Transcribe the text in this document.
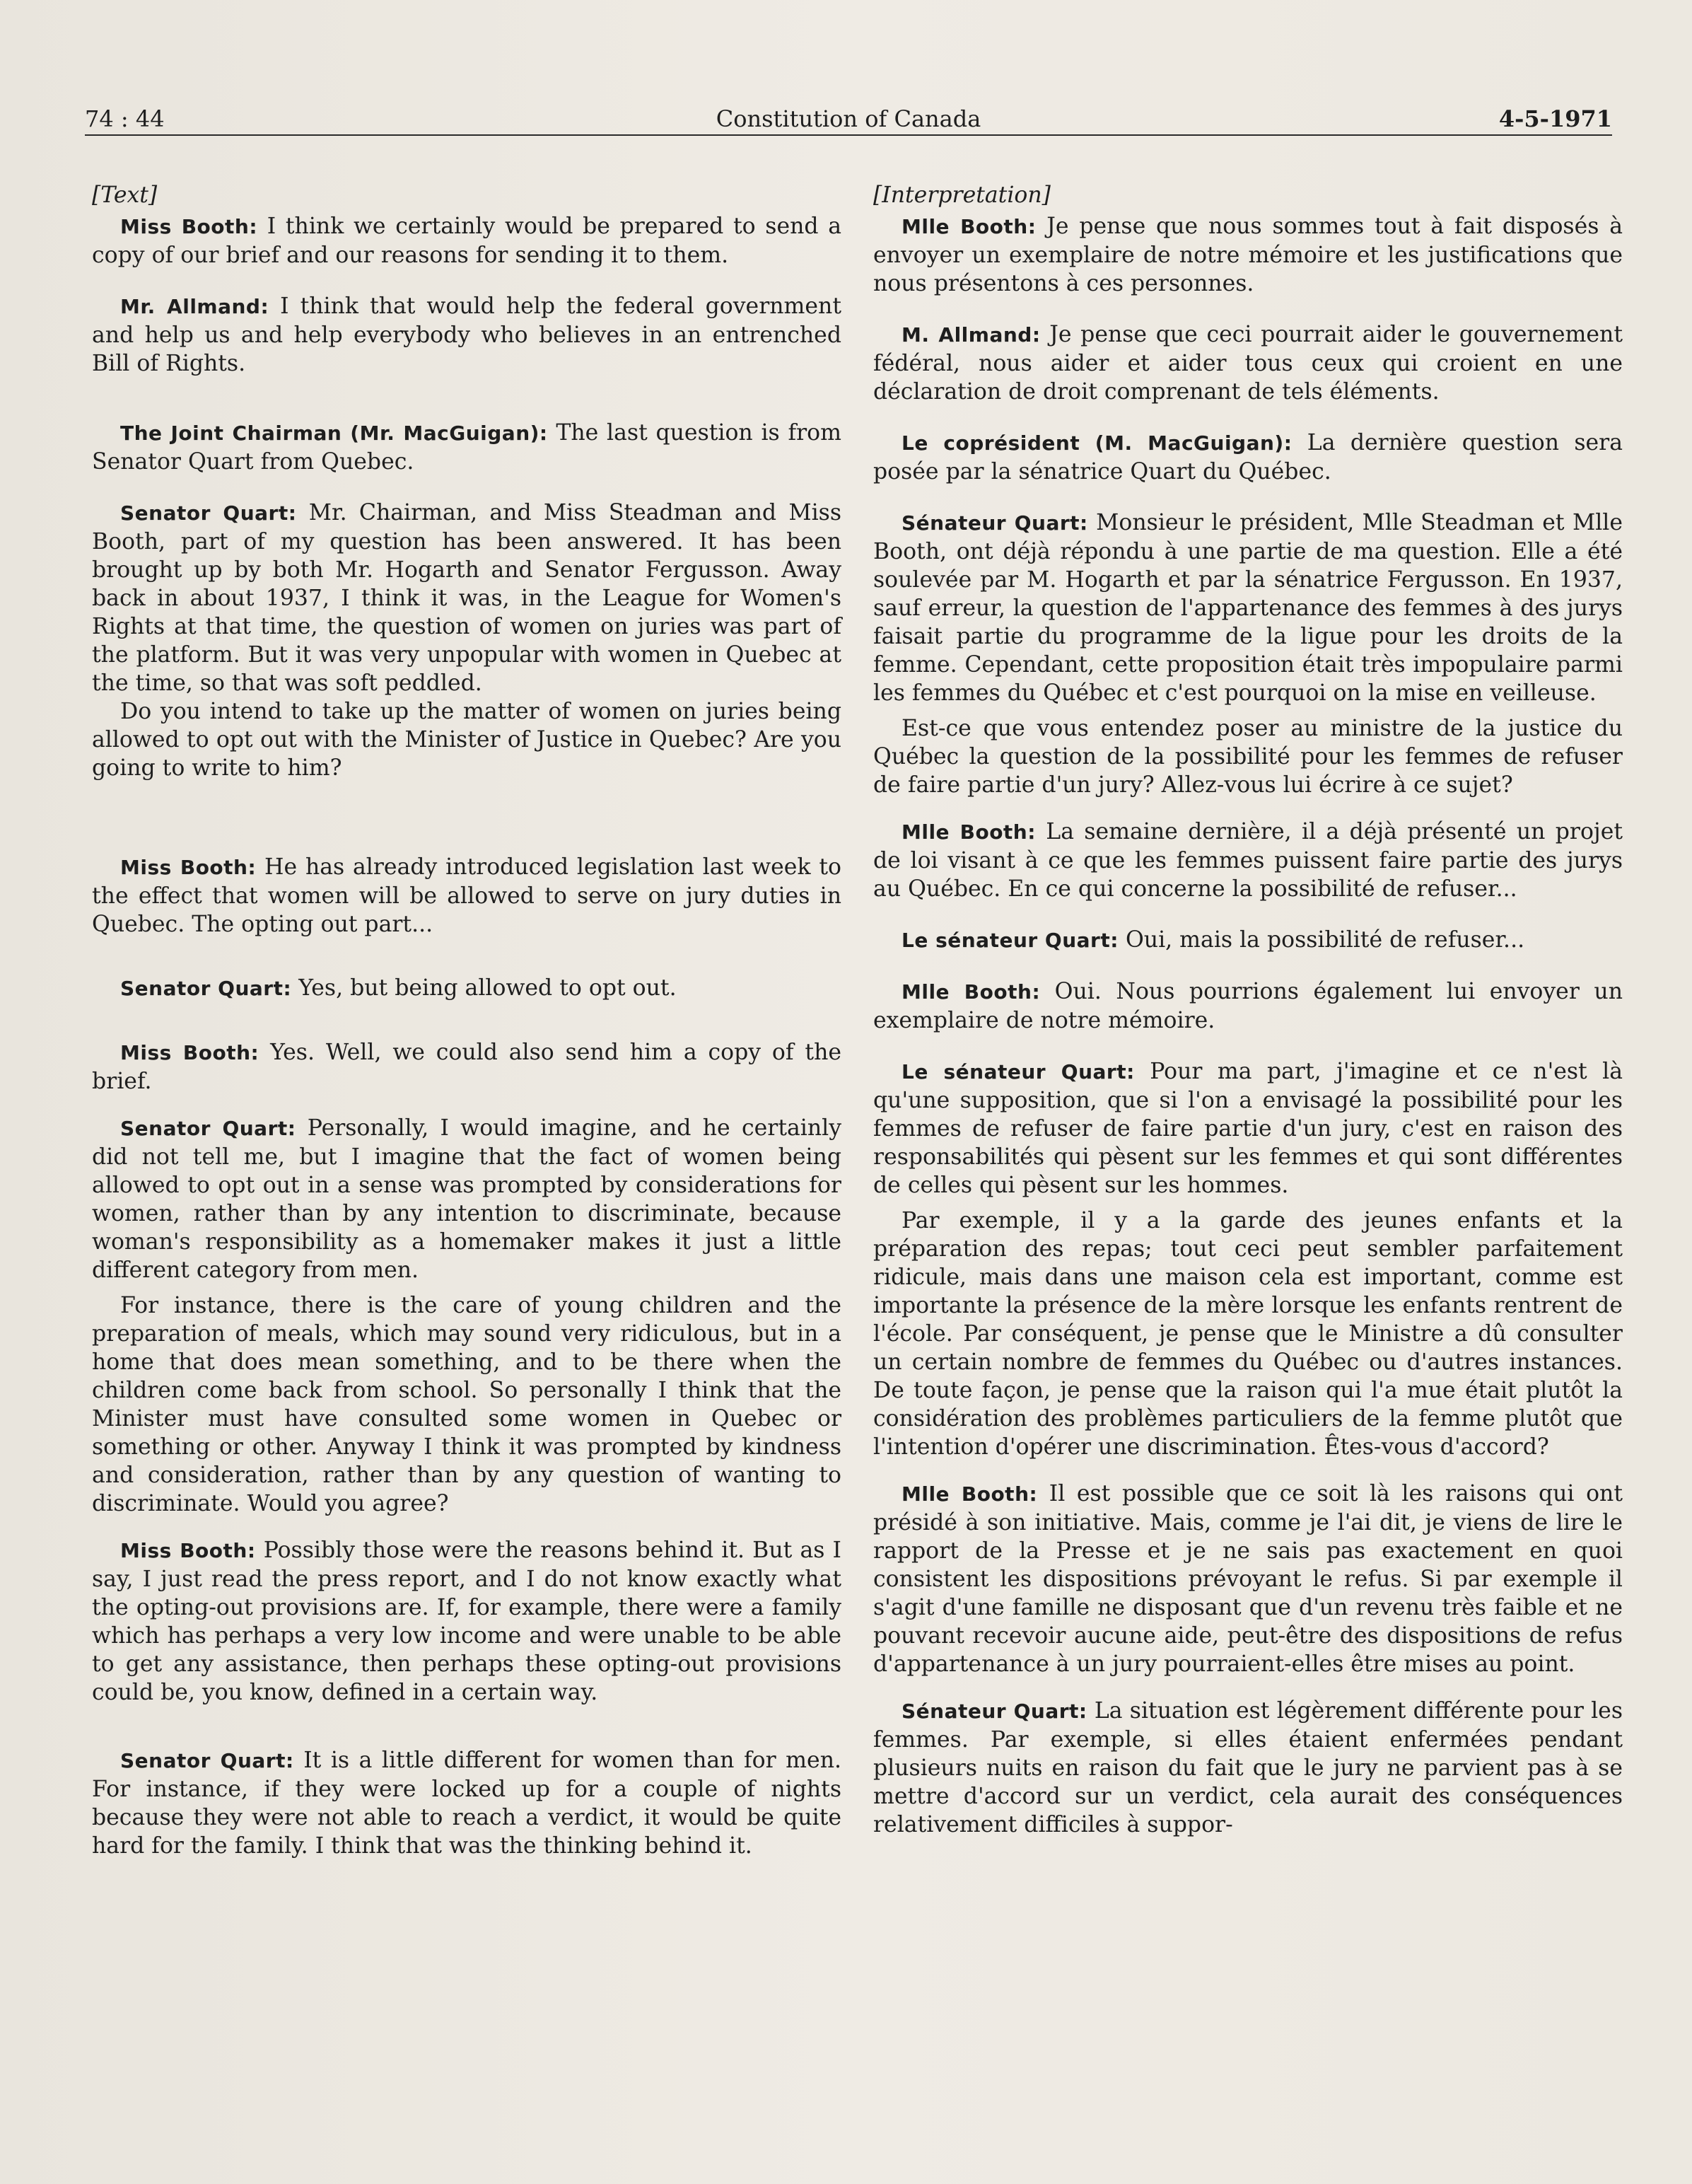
74 : 44	Constitution of Canada	4-5-1971

[Text]

Miss Booth: I think we certainly would be prepared to send a copy of our brief and our reasons for sending it to them.

Mr. Allmand: I think that would help the federal government and help us and help everybody who believes in an entrenched Bill of Rights.

The Joint Chairman (Mr. MacGuigan): The last question is from Senator Quart from Quebec.

Senator Quart: Mr. Chairman, and Miss Steadman and Miss Booth, part of my question has been answered. It has been brought up by both Mr. Hogarth and Senator Fergusson. Away back in about 1937, I think it was, in the League for Women's Rights at that time, the question of women on juries was part of the platform. But it was very unpopular with women in Quebec at the time, so that was soft peddled.

Do you intend to take up the matter of women on juries being allowed to opt out with the Minister of Justice in Quebec? Are you going to write to him?

Miss Booth: He has already introduced legislation last week to the effect that women will be allowed to serve on jury duties in Quebec. The opting out part...

Senator Quart: Yes, but being allowed to opt out.

Miss Booth: Yes. Well, we could also send him a copy of the brief.

Senator Quart: Personally, I would imagine, and he certainly did not tell me, but I imagine that the fact of women being allowed to opt out in a sense was prompted by considerations for women, rather than by any intention to discriminate, because woman's responsibility as a homemaker makes it just a little different category from men.

For instance, there is the care of young children and the preparation of meals, which may sound very ridiculous, but in a home that does mean something, and to be there when the children come back from school. So personally I think that the Minister must have consulted some women in Quebec or something or other. Anyway I think it was prompted by kindness and consideration, rather than by any question of wanting to discriminate. Would you agree?

Miss Booth: Possibly those were the reasons behind it. But as I say, I just read the press report, and I do not know exactly what the opting-out provisions are. If, for example, there were a family which has perhaps a very low income and were unable to be able to get any assistance, then perhaps these opting-out provisions could be, you know, defined in a certain way.

Senator Quart: It is a little different for women than for men. For instance, if they were locked up for a couple of nights because they were not able to reach a verdict, it would be quite hard for the family. I think that was the thinking behind it.

[Interpretation]

Mlle Booth: Je pense que nous sommes tout à fait disposés à envoyer un exemplaire de notre mémoire et les justifications que nous présentons à ces personnes.

M. Allmand: Je pense que ceci pourrait aider le gouvernement fédéral, nous aider et aider tous ceux qui croient en une déclaration de droit comprenant de tels éléments.

Le coprésident (M. MacGuigan): La dernière question sera posée par la sénatrice Quart du Québec.

Sénateur Quart: Monsieur le président, Mlle Steadman et Mlle Booth, ont déjà répondu à une partie de ma question. Elle a été soulevée par M. Hogarth et par la sénatrice Fergusson. En 1937, sauf erreur, la question de l'appartenance des femmes à des jurys faisait partie du programme de la ligue pour les droits de la femme. Cependant, cette proposition était très impopulaire parmi les femmes du Québec et c'est pourquoi on la mise en veilleuse.

Est-ce que vous entendez poser au ministre de la justice du Québec la question de la possibilité pour les femmes de refuser de faire partie d'un jury? Allez-vous lui écrire à ce sujet?

Mlle Booth: La semaine dernière, il a déjà présenté un projet de loi visant à ce que les femmes puissent faire partie des jurys au Québec. En ce qui concerne la possibilité de refuser...

Le sénateur Quart: Oui, mais la possibilité de refuser...

Mlle Booth: Oui. Nous pourrions également lui envoyer un exemplaire de notre mémoire.

Le sénateur Quart: Pour ma part, j'imagine et ce n'est là qu'une supposition, que si l'on a envisagé la possibilité pour les femmes de refuser de faire partie d'un jury, c'est en raison des responsabilités qui pèsent sur les femmes et qui sont différentes de celles qui pèsent sur les hommes.

Par exemple, il y a la garde des jeunes enfants et la préparation des repas; tout ceci peut sembler parfaitement ridicule, mais dans une maison cela est important, comme est importante la présence de la mère lorsque les enfants rentrent de l'école. Par conséquent, je pense que le Ministre a dû consulter un certain nombre de femmes du Québec ou d'autres instances. De toute façon, je pense que la raison qui l'a mue était plutôt la considération des problèmes particuliers de la femme plutôt que l'intention d'opérer une discrimination. Êtes-vous d'accord?

Mlle Booth: Il est possible que ce soit là les raisons qui ont présidé à son initiative. Mais, comme je l'ai dit, je viens de lire le rapport de la Presse et je ne sais pas exactement en quoi consistent les dispositions prévoyant le refus. Si par exemple il s'agit d'une famille ne disposant que d'un revenu très faible et ne pouvant recevoir aucune aide, peut-être des dispositions de refus d'appartenance à un jury pourraient-elles être mises au point.

Sénateur Quart: La situation est légèrement différente pour les femmes. Par exemple, si elles étaient enfermées pendant plusieurs nuits en raison du fait que le jury ne parvient pas à se mettre d'accord sur un verdict, cela aurait des conséquences relativement difficiles à suppor-
